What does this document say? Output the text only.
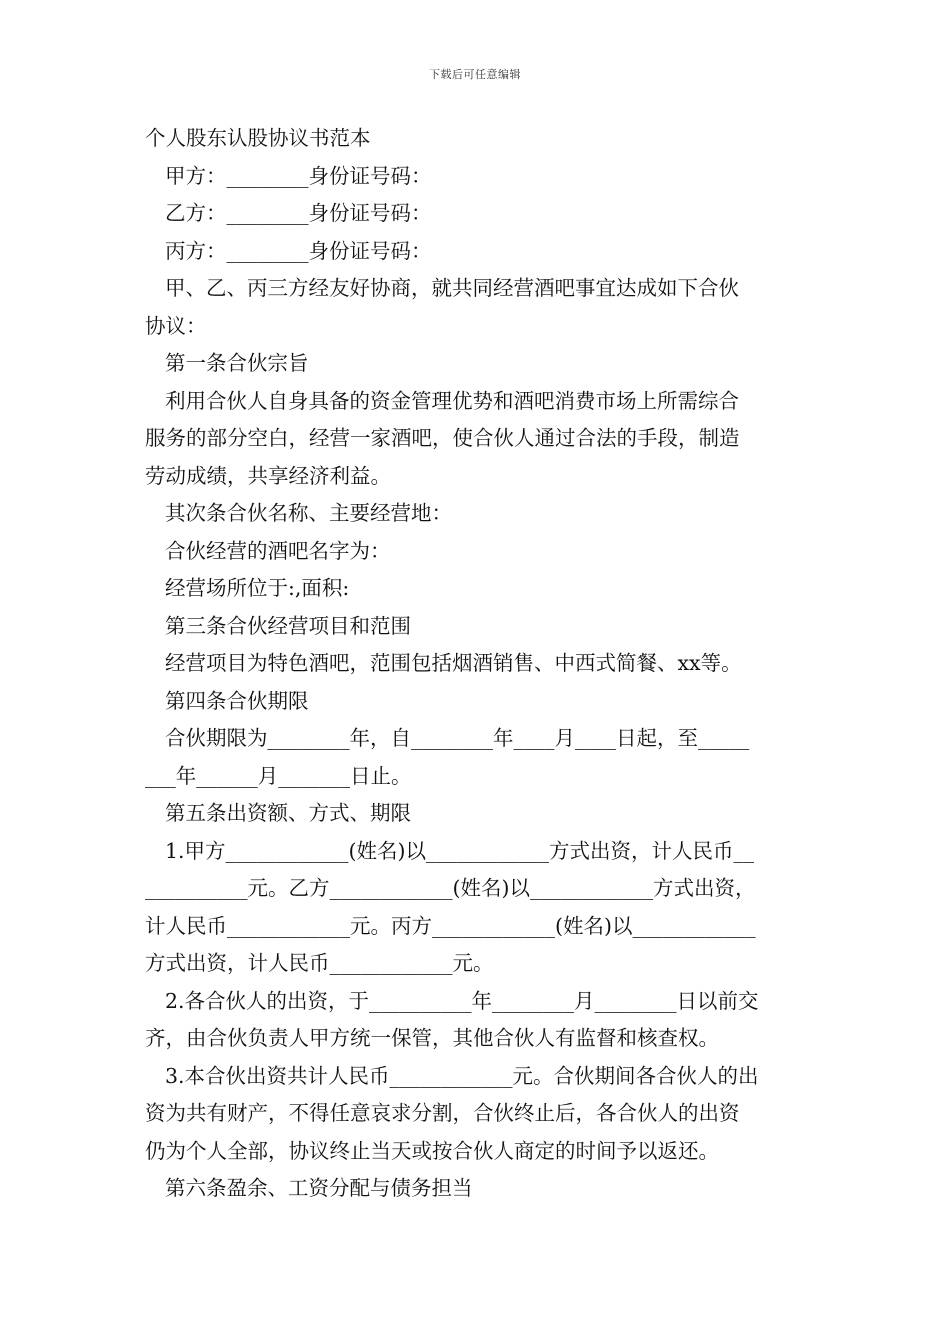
下载后可任意编辑

个人股东认股协议书范本

甲方：________身份证号码：

乙方：________身份证号码：

丙方：________身份证号码：

甲、乙、丙三方经友好协商，就共同经营酒吧事宜达成如下合伙

协议：

第一条合伙宗旨

利用合伙人自身具备的资金管理优势和酒吧消费市场上所需综合

服务的部分空白，经营一家酒吧，使合伙人通过合法的手段，制造

劳动成绩，共享经济利益。

其次条合伙名称、主要经营地：

合伙经营的酒吧名字为：

经营场所位于:,面积:

第三条合伙经营项目和范围

经营项目为特色酒吧，范围包括烟酒销售、中西式简餐、xx等。

第四条合伙期限

合伙期限为________年，自________年____月____日起，至_____

___年______月_______日止。

第五条出资额、方式、期限

1.甲方____________(姓名)以____________方式出资，计人民币__

__________元。乙方____________(姓名)以____________方式出资，

计人民币____________元。丙方____________(姓名)以____________

方式出资，计人民币____________元。

2.各合伙人的出资，于__________年________月________日以前交

齐，由合伙负责人甲方统一保管，其他合伙人有监督和核查权。

3.本合伙出资共计人民币____________元。合伙期间各合伙人的出

资为共有财产，不得任意哀求分割，合伙终止后，各合伙人的出资

仍为个人全部，协议终止当天或按合伙人商定的时间予以返还。

第六条盈余、工资分配与债务担当
